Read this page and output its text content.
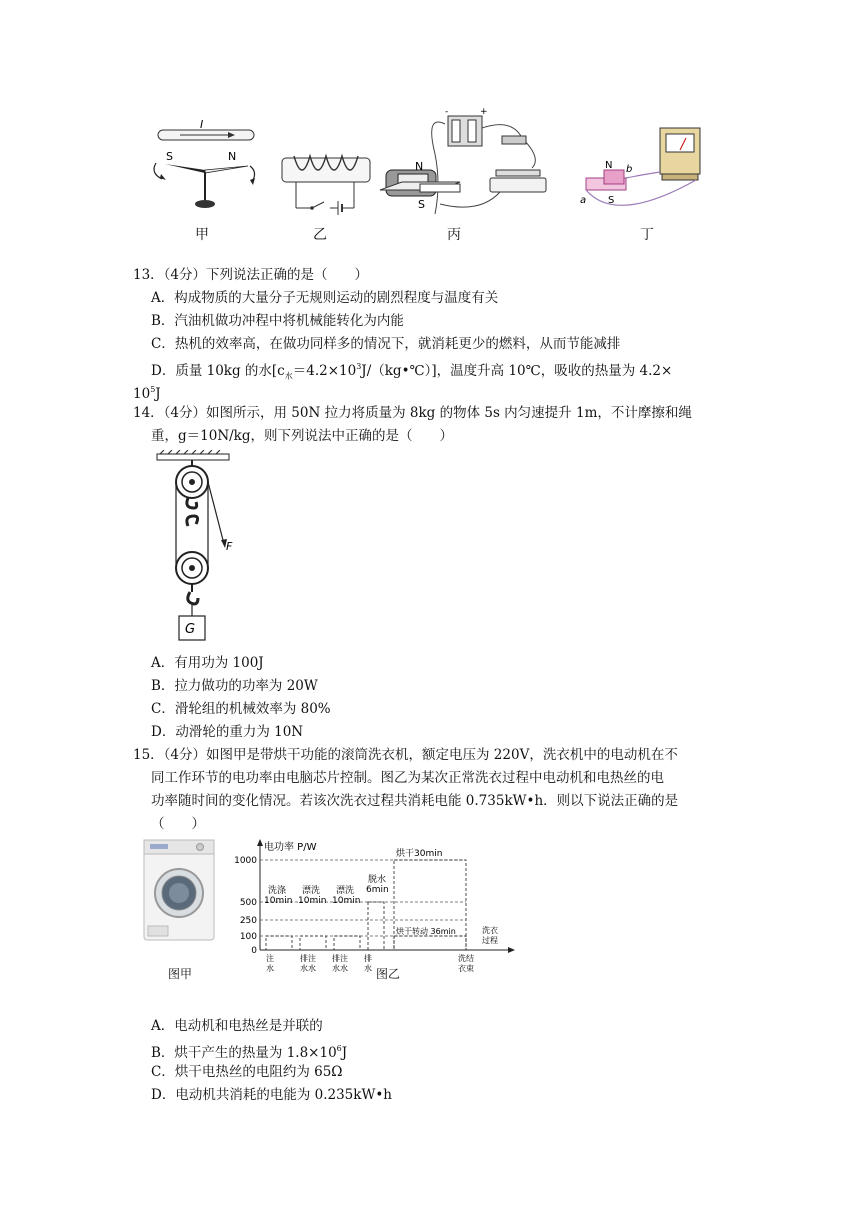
I
S	N
-	+
N
S
N
S
a
b
甲	乙	丙	丁
13．（4分）下列说法正确的是（　　）
A．构成物质的大量分子无规则运动的剧烈程度与温度有关
B．汽油机做功冲程中将机械能转化为内能
C．热机的效率高，在做功同样多的情况下，就消耗更少的燃料，从而节能减排
D．质量 10kg 的水$[c_水=4.2\times 10^3J/(kg•℃)]$，温度升高 10℃，吸收的热量为 4.2×
$10^5J$
14．（4分）如图所示，用 50N 拉力将质量为 8kg 的物体 5s 内匀速提升 1m，不计摩擦和绳
重，g＝10N/kg，则下列说法中正确的是（　　）
F
G
A．有用功为 100J
B．拉力做功的功率为 20W
C．滑轮组的机械效率为 80%
D．动滑轮的重力为 10N
15．（4分）如图甲是带烘干功能的滚筒洗衣机，额定电压为 220V，洗衣机中的电动机在不
同工作环节的电功率由电脑芯片控制。图乙为某次正常洗衣过程中电动机和电热丝的电
功率随时间的变化情况。若该次洗衣过程共消耗电能 0.735kW•h．则以下说法正确的是
（　　）
图甲
电功率 P/W
洗衣
过程
1000
500
250
100
0
洗涤
10min
漂洗
10min
漂洗
10min
脱水
6min
烘干30min
烘干转动 36min
注
水
排注
水水
排注
水水
排
水
洗结
衣束
图乙
A．电动机和电热丝是并联的
B．烘干产生的热量为 $1.8\times 10^6J$
C．烘干电热丝的电阻约为 65Ω
D．电动机共消耗的电能为 0.235kW•h
